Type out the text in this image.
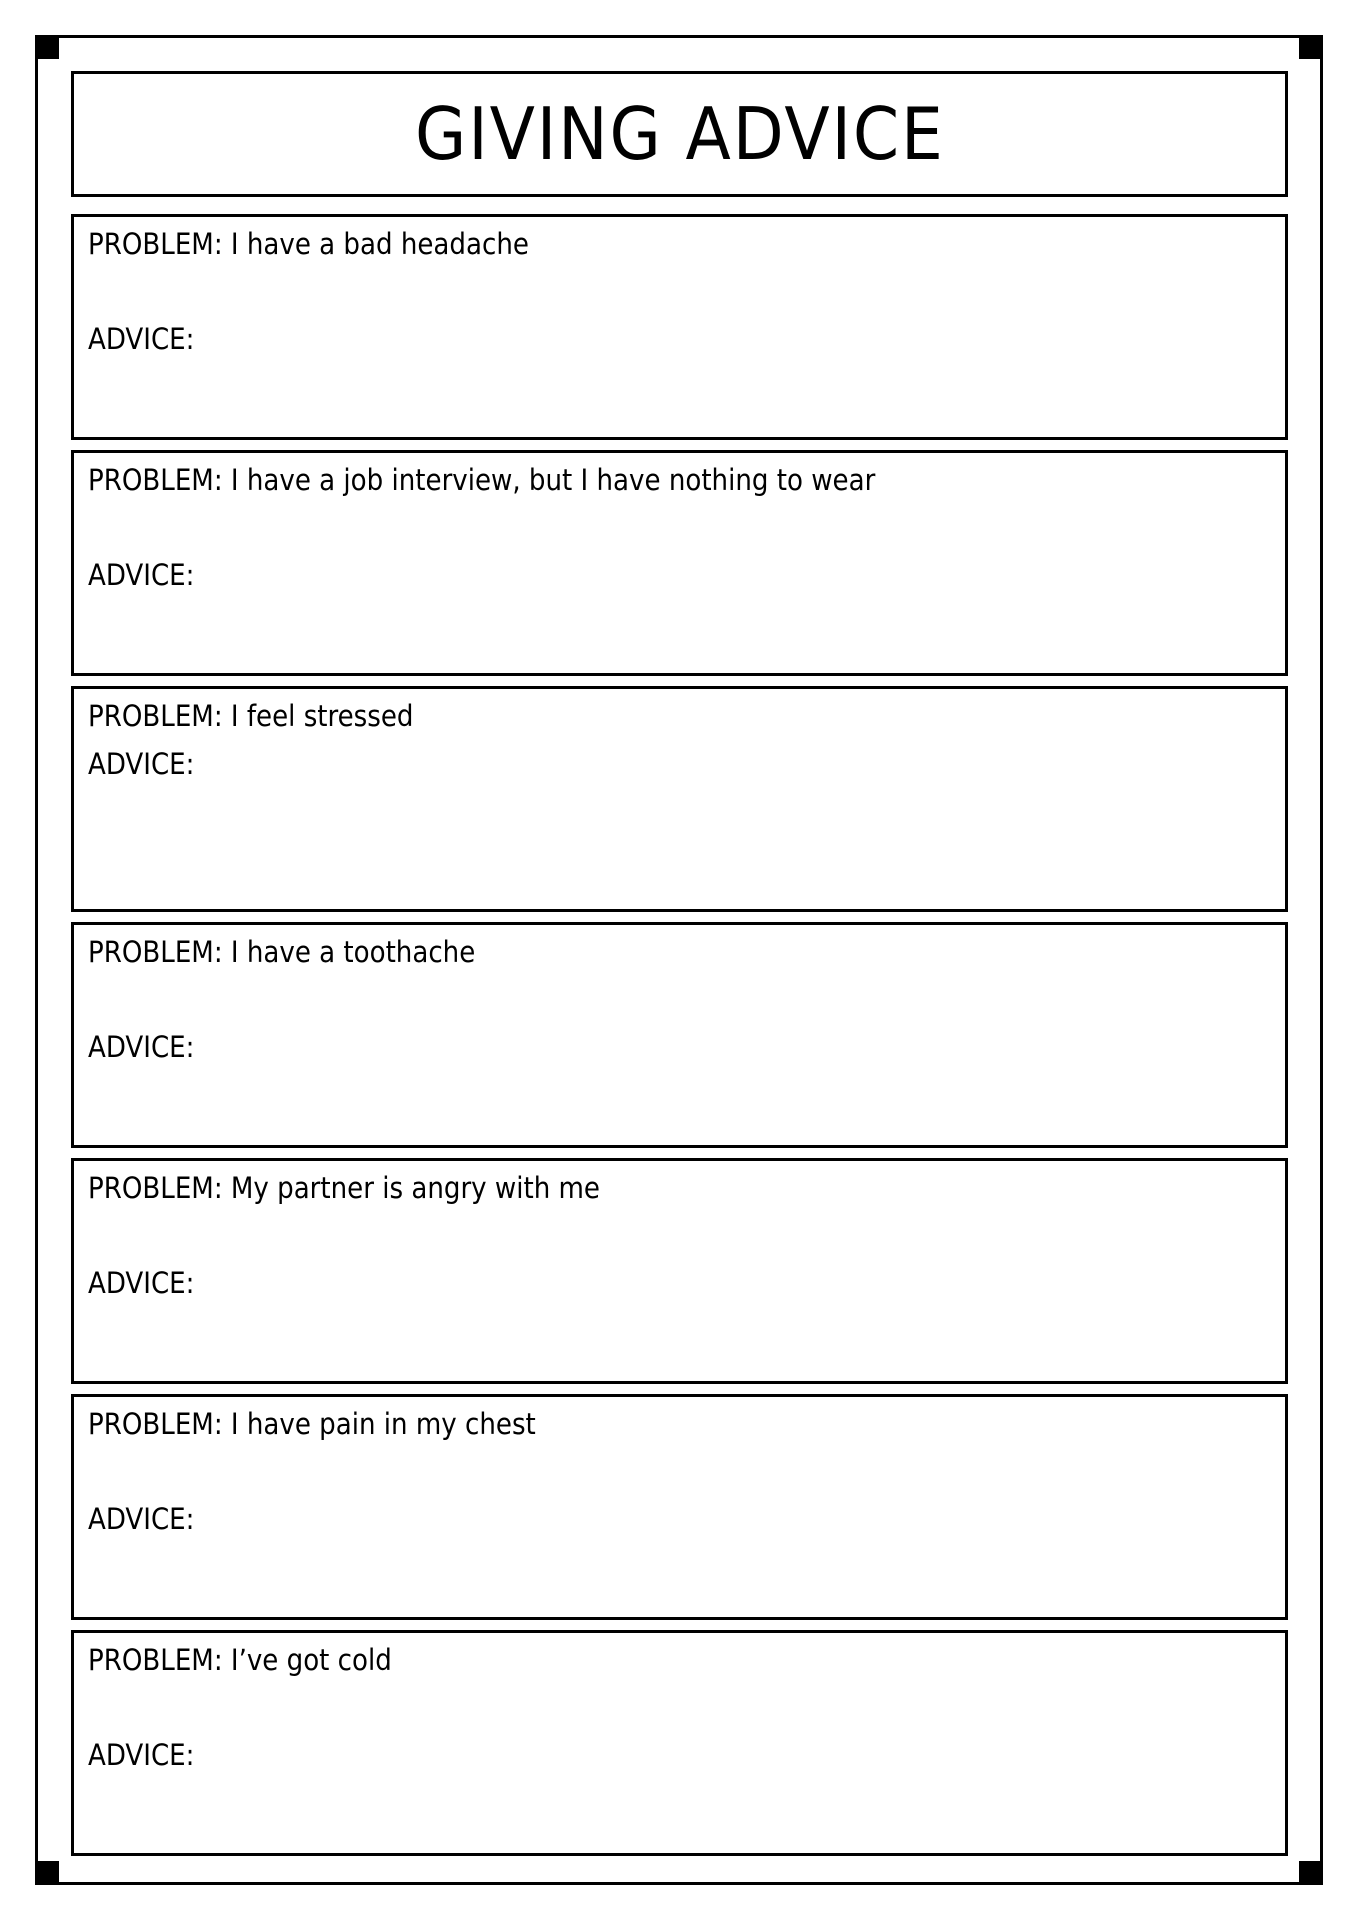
GIVING ADVICE
PROBLEM: I have a bad headache
ADVICE:
PROBLEM: I have a job interview, but I have nothing to wear
ADVICE:
PROBLEM: I feel stressed
ADVICE:
PROBLEM: I have a toothache
ADVICE:
PROBLEM: My partner is angry with me
ADVICE:
PROBLEM: I have pain in my chest
ADVICE:
PROBLEM: I’ve got cold
ADVICE:
